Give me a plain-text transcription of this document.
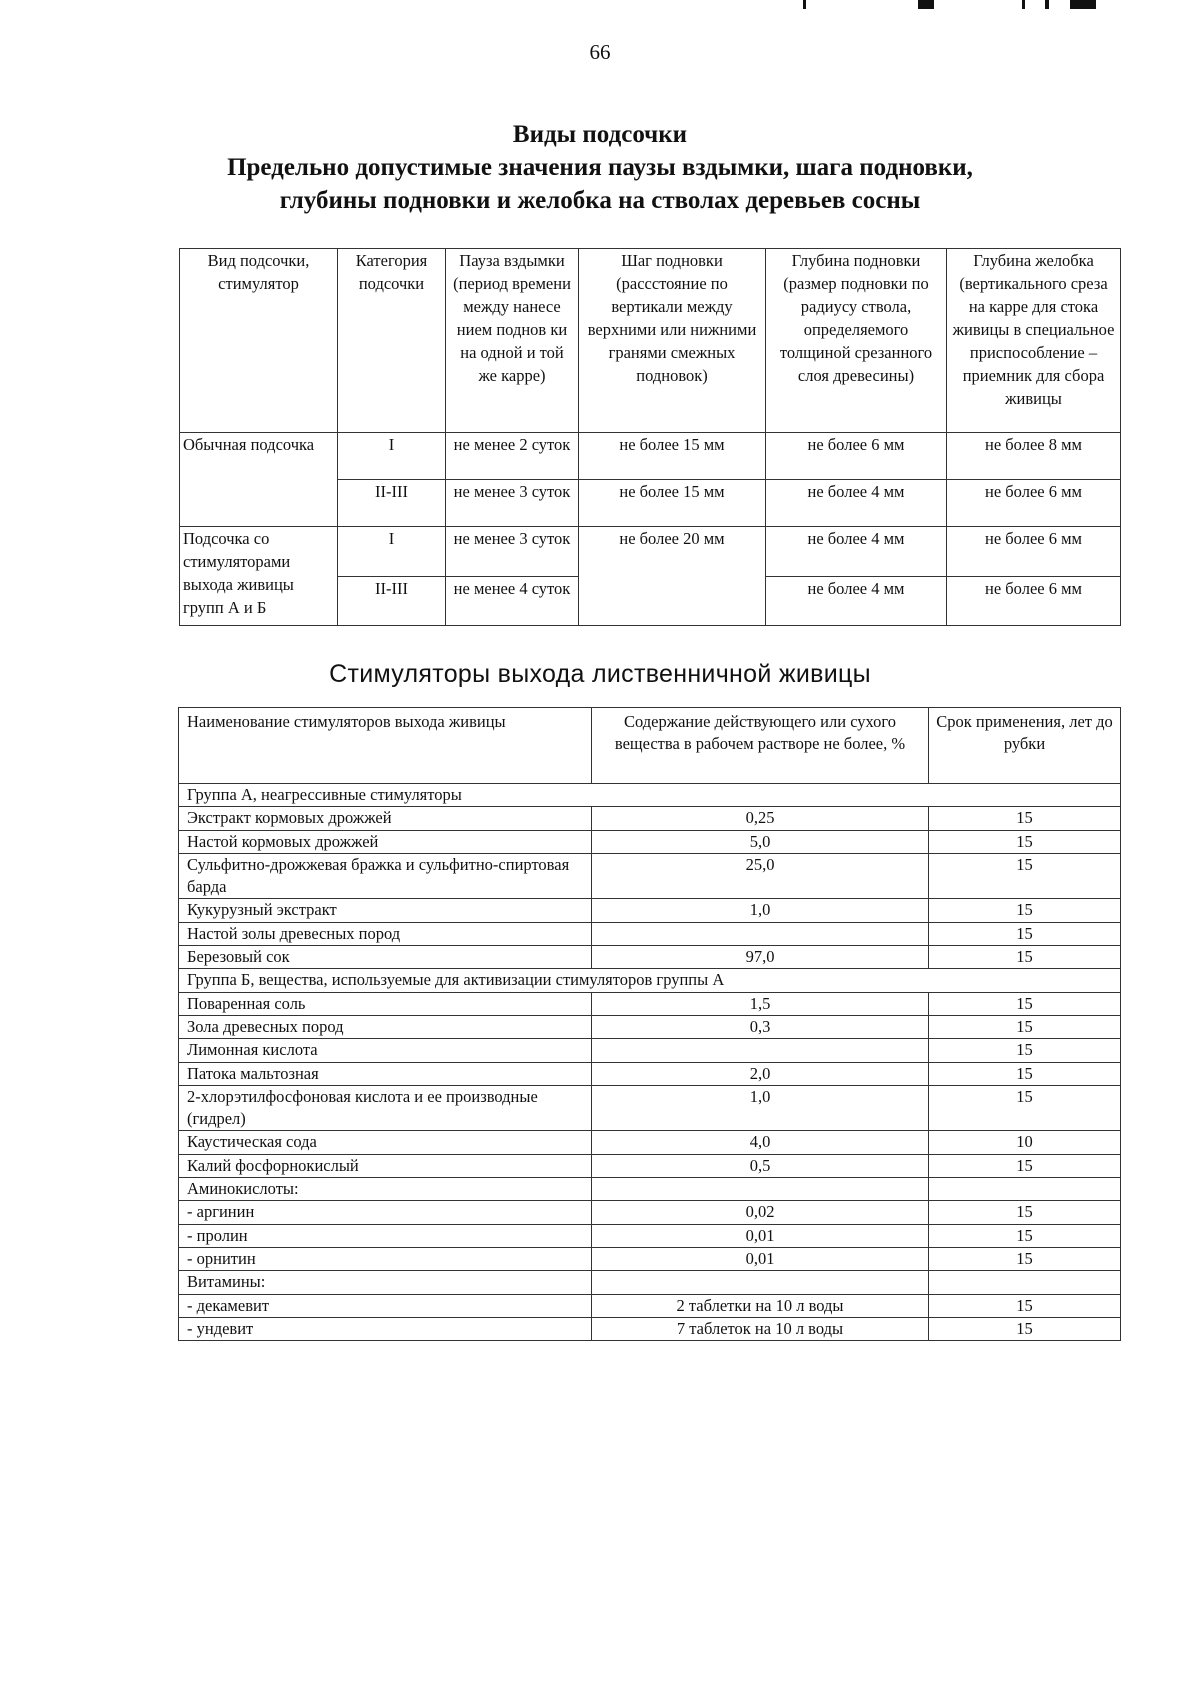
66
Виды подсочки
Предельно допустимые значения паузы вздымки, шага подновки,
глубины подновки и желобка на стволах деревьев сосны
Вид подсочки, стимулятор	Категория подсочки	Пауза вздымки (период времени между нанесе нием поднов ки на одной и той же карре)	Шаг подновки (рассстояние по вертикали между верхними или нижними гранями смежных подновок)	Глубина подновки (размер подновки по радиусу ствола, определяемого толщиной срезанного слоя древесины)	Глубина желобка (вертикального среза на карре для стока живицы в специальное приспособление – приемник для сбора живицы
Обычная подсочка	I	не менее 2 суток	не более 15 мм	не более 6 мм	не более 8 мм
	II-III	не менее 3 суток	не более 15 мм	не более 4 мм	не более 6 мм
Подсочка со стимуляторами выхода живицы групп А и Б	I	не менее 3 суток	не более 20 мм	не более 4 мм	не более 6 мм
	II-III	не менее 4 суток		не более 4 мм	не более 6 мм
Стимуляторы выхода лиственничной живицы
Наименование стимуляторов выхода живицы	Содержание действующего или сухого вещества в рабочем растворе не более, %	Срок применения, лет до рубки
Группа А, неагрессивные стимуляторы		
Экстракт кормовых дрожжей	0,25	15
Настой кормовых дрожжей	5,0	15
Сульфитно-дрожжевая бражка и сульфитно-спиртовая барда	25,0	15
Кукурузный экстракт	1,0	15
Настой золы древесных пород		15
Березовый сок	97,0	15
Группа Б, вещества, используемые для активизации стимуляторов группы А		
Поваренная соль	1,5	15
Зола древесных пород	0,3	15
Лимонная кислота		15
Патока мальтозная	2,0	15
2-хлорэтилфосфоновая кислота и ее производные (гидрел)	1,0	15
Каустическая сода	4,0	10
Калий фосфорнокислый	0,5	15
Аминокислоты:		
- аргинин	0,02	15
- пролин	0,01	15
- орнитин	0,01	15
Витамины:		
- декамевит	2 таблетки на 10 л воды	15
- ундевит	7 таблеток на 10 л воды	15
